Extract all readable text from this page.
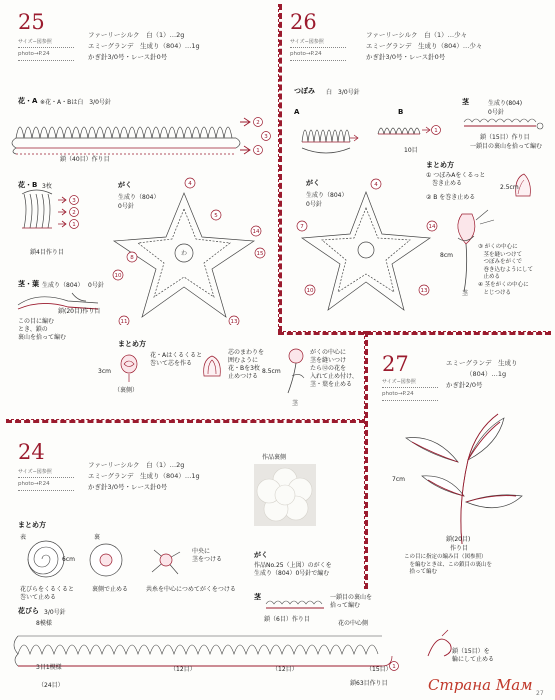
25
サイズ−図参照
photo→P.24
ファーリーシルク　白（1）…2g
エミーグランデ　生成り（804）…1g
かぎ針3/0号・レース針0号
花・A ※花・A・Bは白　3/0号針
2
1
3
鎖（40目）作り目
花・B 3枚
3
2
1
鎖4目作り目
がく
生成り（804）
0号針
わ
4
14
15
13
11
10
8
5
茎・葉 生成り（804） 0号針
鎖(20目)作り目
この目に編む
とき、鎖の
裏山を拾って編む
まとめ方
3cm
（裏側）
花・Aはくるくると
巻いて芯を作る
芯のまわりを
囲むように
花・Bを3枚
止めつける
8.5cm
茎
がくの中心に
茎を縫いつけ
たら⑫の花を
入れて止め付け、
茎・葉を止める
26
サイズ−図参照
photo→P.24
ファーリーシルク　白（1）…少々
エミーグランデ　生成り（804）…少々
かぎ針3/0号・レース針0号
つぼみ 白　3/0号針
A	B
1
10目
茎	生成り(804)
0号針
鎖（15目）作り目
一鎖目の裏山を拾って編む
がく
生成り（804）
0号針
4
14
13
7
10
まとめ方
① つぼみAをくるっと
　巻き止める
2.5cm
② B を巻き止める
8cm
茎
③ がくの中心に
　茎を縫いつけて
　つぼみをがくで
　巻き込むようにして
　止める
④ 茎をがくの中心に
　とじつける
27
サイズ−図参照
photo→P.24
エミーグランデ　生成り
（804）…1g
かぎ針2/0号
7cm
鎖(20目)
作り目
この目に指定の編み目（図参照）
　を編むときは、この鎖目の裏山を
　拾って編む
24
サイズ−図参照
photo→P.24
ファーリーシルク　白（1）…2g
エミーグランデ　生成り（804）…1g
かぎ針3/0号・レース針0号
作品裏側
まとめ方
表	裏
6cm
花びらをくるくると
巻いて止める
裏側で止める
中央に
茎をつける
共糸を中心につめてがくをつける
がく
作品No.25（上図）のがくを
生成り（804）0号針で編む
茎	一鎖目の裏山を
拾って編む
鎖（6目）作り目
花びら 3/0号針
8模様	花の中心側
1
3目1模様	（12目）	（12目）	（15目）
（24目）	鎖63目作り目
鎖（15目）を
輪にして止める
Страна Мам 27
